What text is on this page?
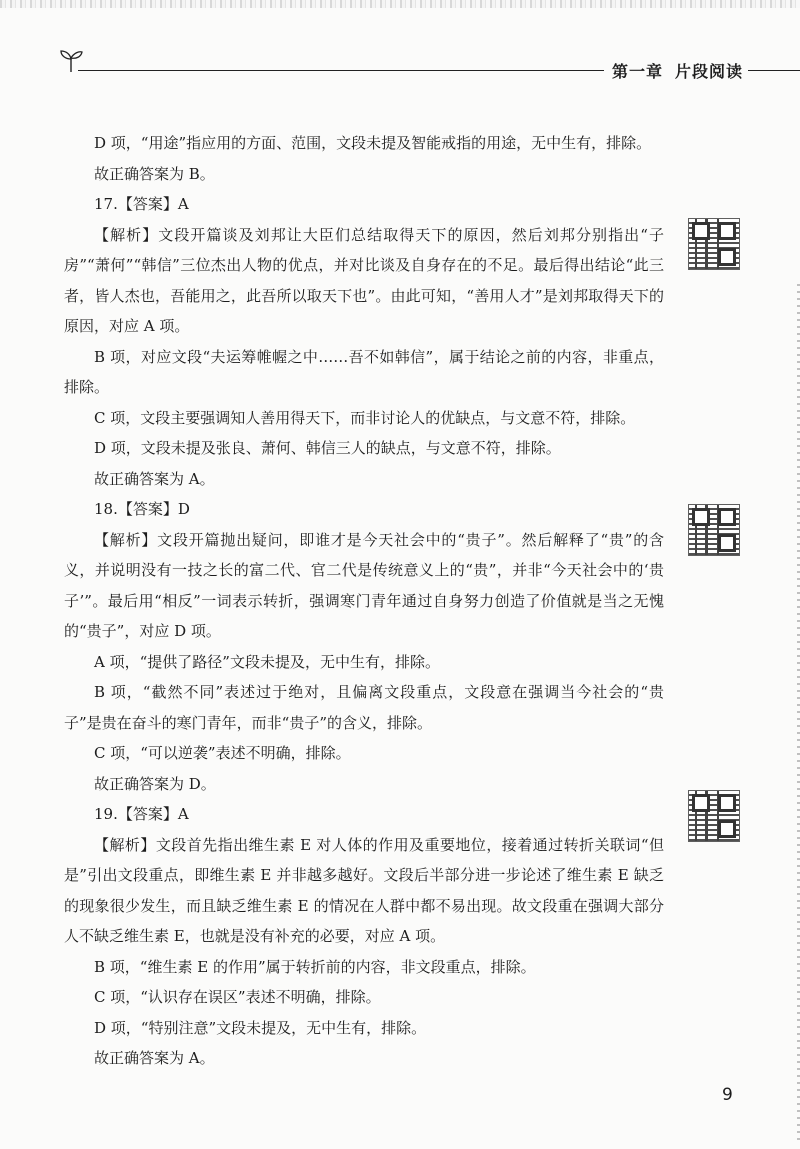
第一章 片段阅读

D 项，“用途”指应用的方面、范围，文段未提及智能戒指的用途，无中生有，排除。

故正确答案为 B。

17.【答案】A

【解析】文段开篇谈及刘邦让大臣们总结取得天下的原因，然后刘邦分别指出“子房”“萧何”“韩信”三位杰出人物的优点，并对比谈及自身存在的不足。最后得出结论“此三者，皆人杰也，吾能用之，此吾所以取天下也”。由此可知，“善用人才”是刘邦取得天下的原因，对应 A 项。

B 项，对应文段“夫运筹帷幄之中……吾不如韩信”，属于结论之前的内容，非重点，排除。

C 项，文段主要强调知人善用得天下，而非讨论人的优缺点，与文意不符，排除。

D 项，文段未提及张良、萧何、韩信三人的缺点，与文意不符，排除。

故正确答案为 A。

18.【答案】D

【解析】文段开篇抛出疑问，即谁才是今天社会中的“贵子”。然后解释了“贵”的含义，并说明没有一技之长的富二代、官二代是传统意义上的“贵”，并非“今天社会中的‘贵子’”。最后用“相反”一词表示转折，强调寒门青年通过自身努力创造了价值就是当之无愧的“贵子”，对应 D 项。

A 项，“提供了路径”文段未提及，无中生有，排除。

B 项，“截然不同”表述过于绝对，且偏离文段重点，文段意在强调当今社会的“贵子”是贵在奋斗的寒门青年，而非“贵子”的含义，排除。

C 项，“可以逆袭”表述不明确，排除。

故正确答案为 D。

19.【答案】A

【解析】文段首先指出维生素 E 对人体的作用及重要地位，接着通过转折关联词“但是”引出文段重点，即维生素 E 并非越多越好。文段后半部分进一步论述了维生素 E 缺乏的现象很少发生，而且缺乏维生素 E 的情况在人群中都不易出现。故文段重在强调大部分人不缺乏维生素 E，也就是没有补充的必要，对应 A 项。

B 项，“维生素 E 的作用”属于转折前的内容，非文段重点，排除。

C 项，“认识存在误区”表述不明确，排除。

D 项，“特别注意”文段未提及，无中生有，排除。

故正确答案为 A。

9
